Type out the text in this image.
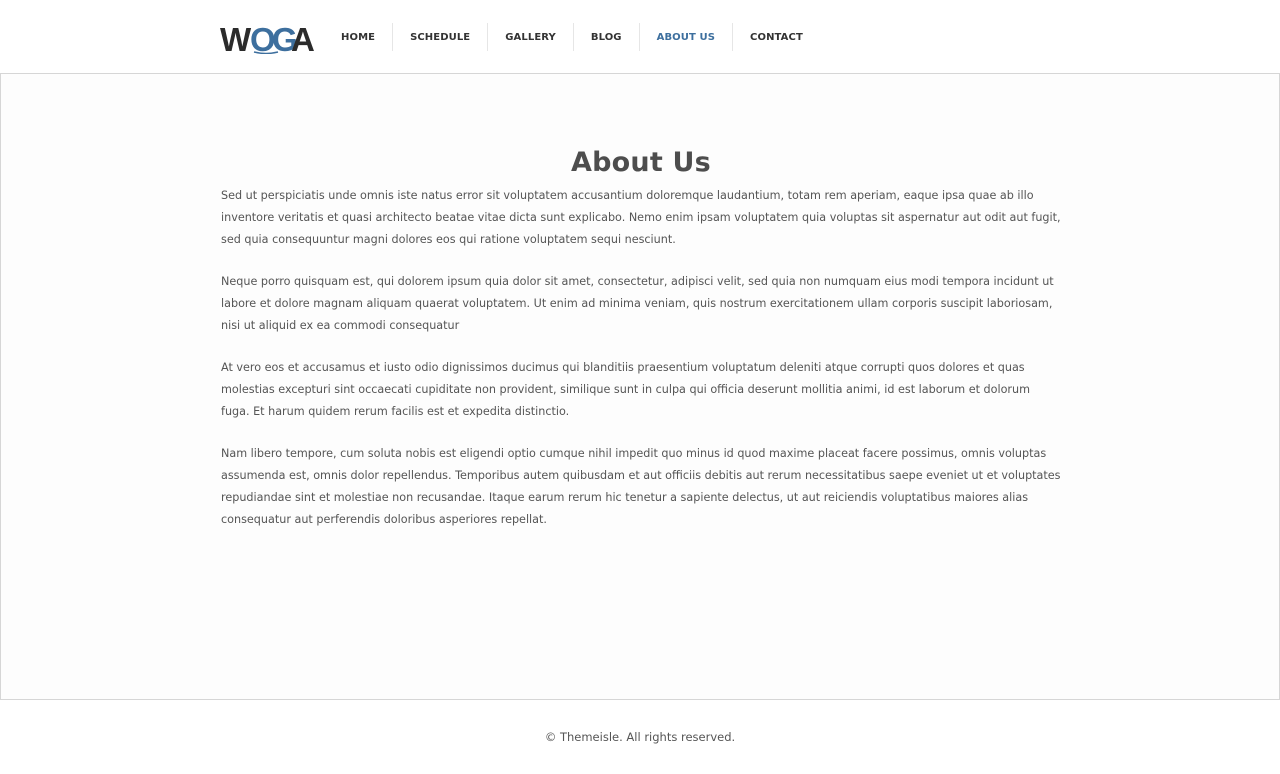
W O
G
A	HOME	SCHEDULE	GALLERY	BLOG	ABOUT US	CONTACT
About Us

Sed ut perspiciatis unde omnis iste natus error sit voluptatem accusantium doloremque laudantium, totam rem aperiam, eaque ipsa quae ab illo inventore veritatis et quasi architecto beatae vitae dicta sunt explicabo. Nemo enim ipsam voluptatem quia voluptas sit aspernatur aut odit aut fugit, sed quia consequuntur magni dolores eos qui ratione voluptatem sequi nesciunt.

Neque porro quisquam est, qui dolorem ipsum quia dolor sit amet, consectetur, adipisci velit, sed quia non numquam eius modi tempora incidunt ut labore et dolore magnam aliquam quaerat voluptatem. Ut enim ad minima veniam, quis nostrum exercitationem ullam corporis suscipit laboriosam, nisi ut aliquid ex ea commodi consequatur

At vero eos et accusamus et iusto odio dignissimos ducimus qui blanditiis praesentium voluptatum deleniti atque corrupti quos dolores et quas molestias excepturi sint occaecati cupiditate non provident, similique sunt in culpa qui officia deserunt mollitia animi, id est laborum et dolorum fuga. Et harum quidem rerum facilis est et expedita distinctio.

Nam libero tempore, cum soluta nobis est eligendi optio cumque nihil impedit quo minus id quod maxime placeat facere possimus, omnis voluptas assumenda est, omnis dolor repellendus. Temporibus autem quibusdam et aut officiis debitis aut rerum necessitatibus saepe eveniet ut et voluptates repudiandae sint et molestiae non recusandae. Itaque earum rerum hic tenetur a sapiente delectus, ut aut reiciendis voluptatibus maiores alias consequatur aut perferendis doloribus asperiores repellat.

© Themeisle. All rights reserved.
